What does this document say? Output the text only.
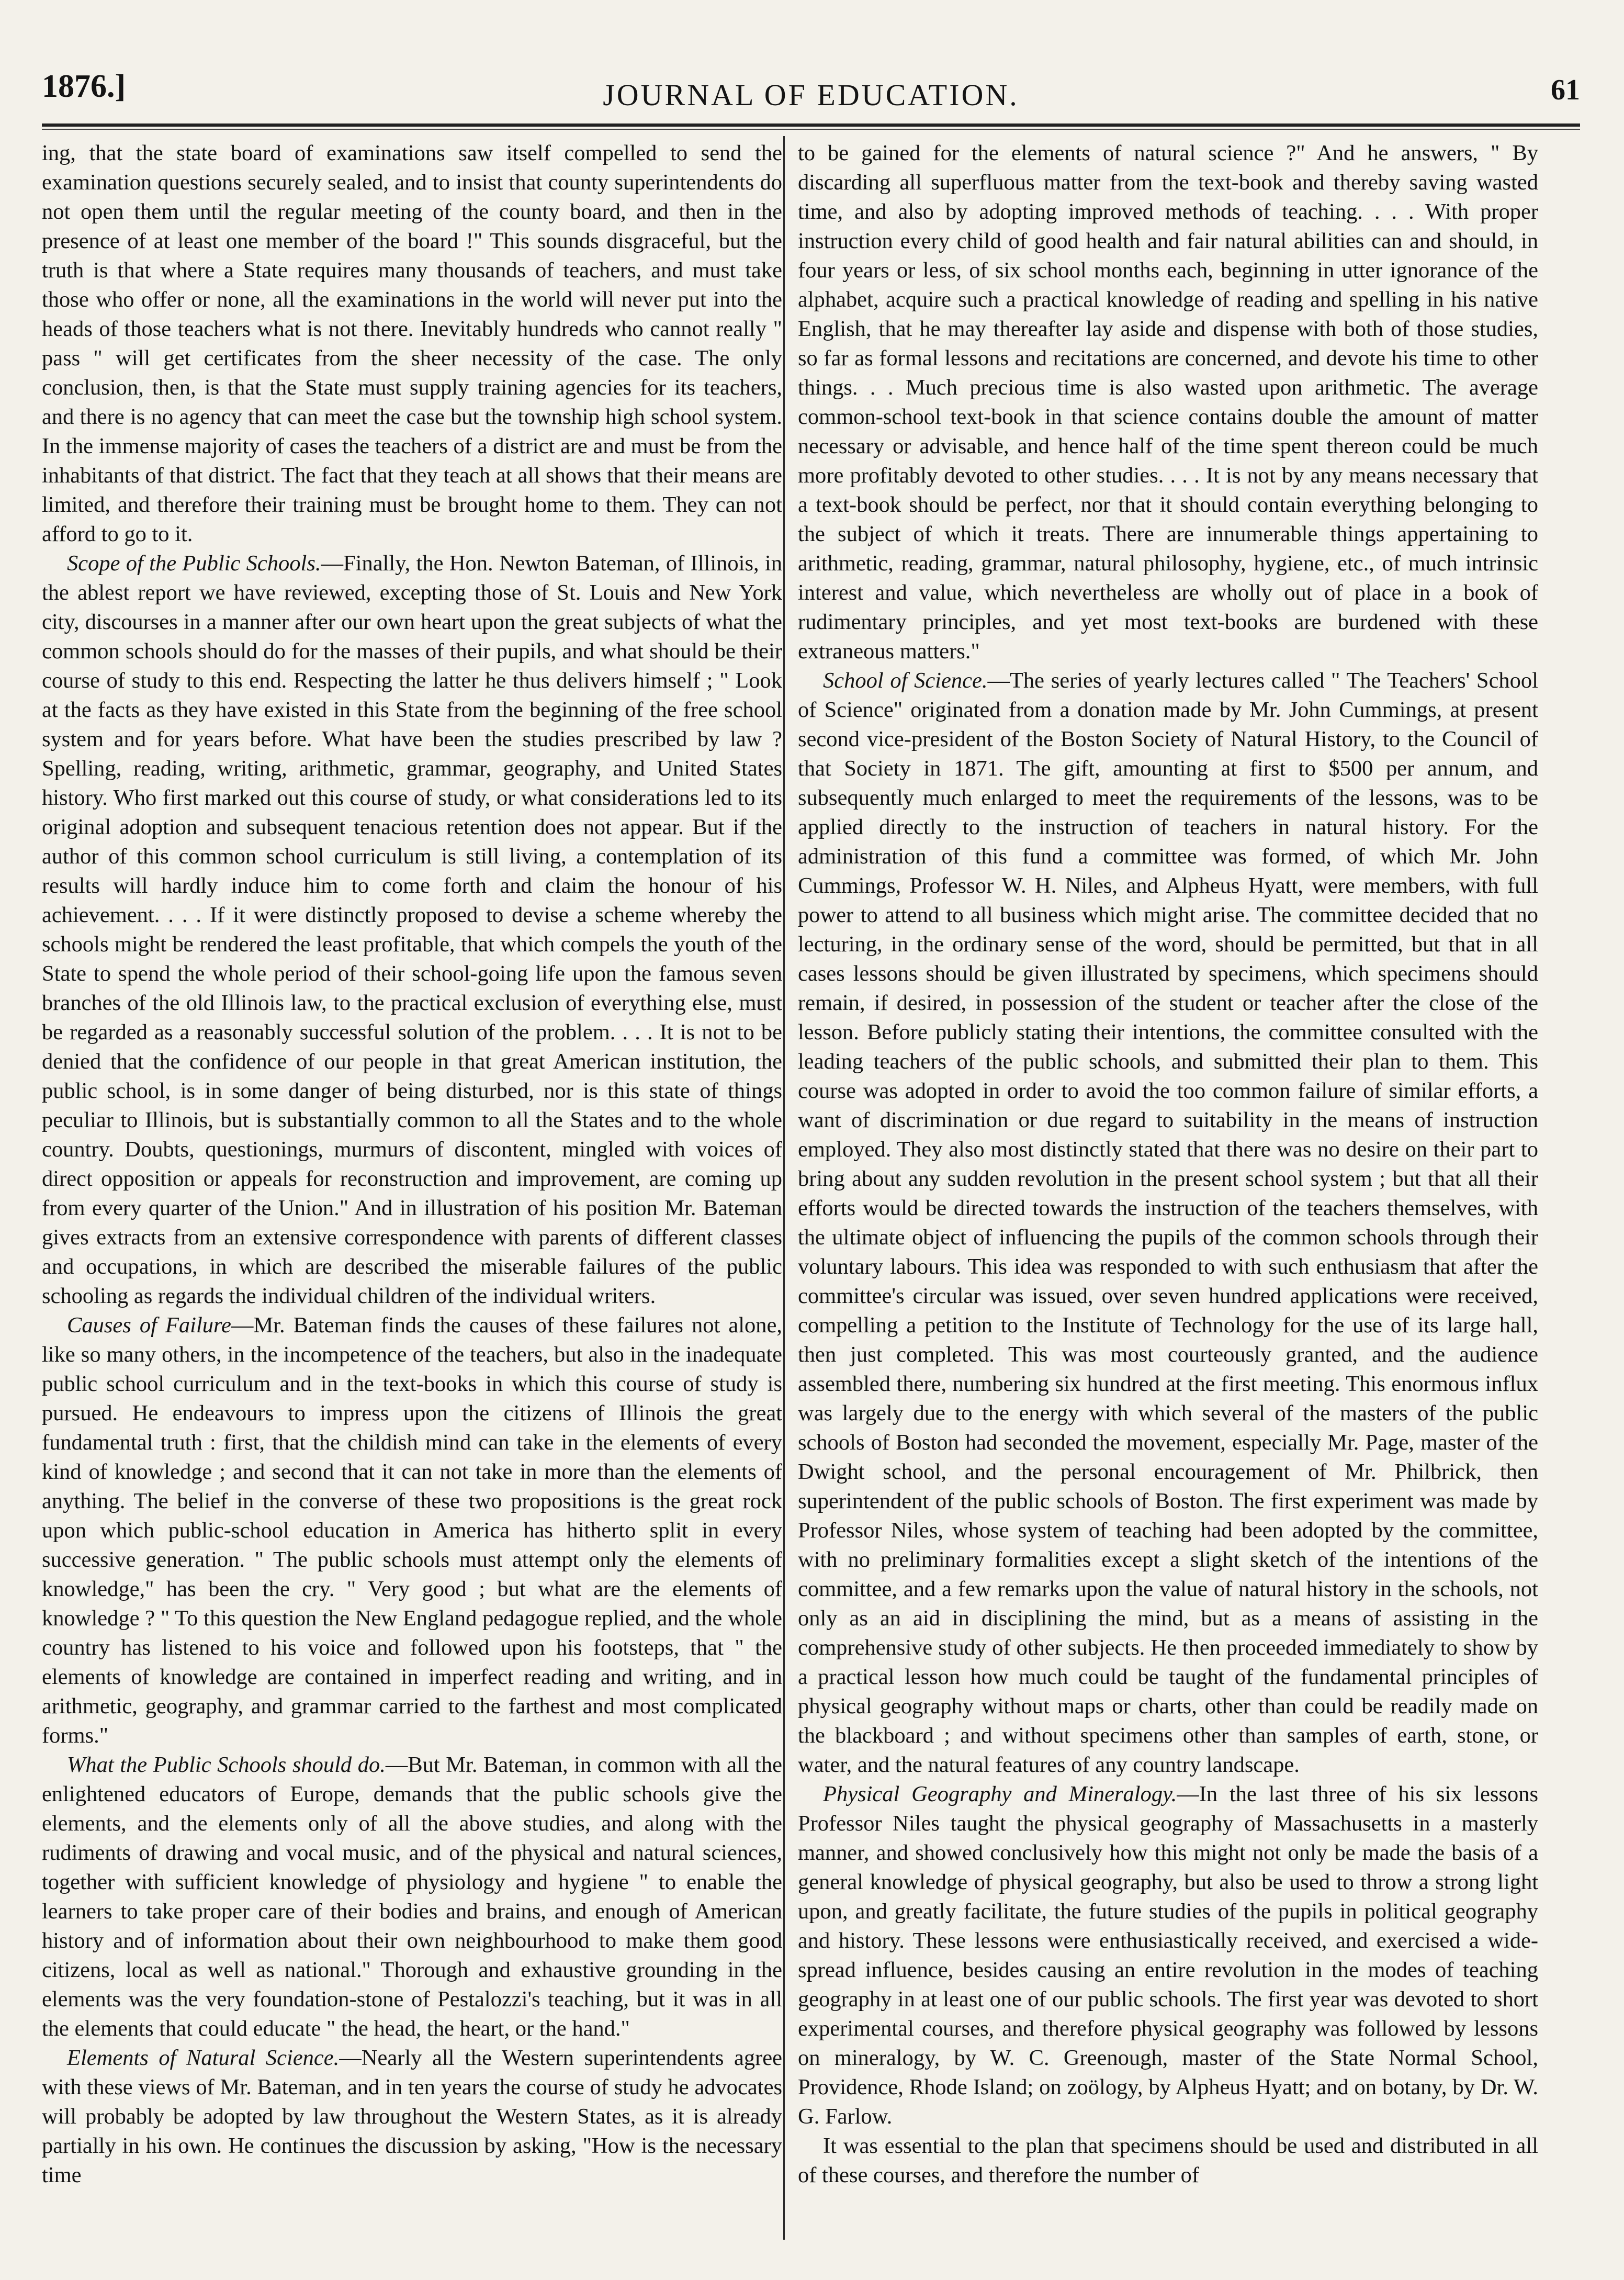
1876.]	JOURNAL OF EDUCATION.	61

ing, that the state board of examinations saw itself compelled to send the examination questions securely sealed, and to insist that county superintendents do not open them until the regular meeting of the county board, and then in the presence of at least one member of the board !" This sounds disgraceful, but the truth is that where a State requires many thousands of teachers, and must take those who offer or none, all the examinations in the world will never put into the heads of those teachers what is not there. Inevitably hundreds who cannot really " pass " will get certificates from the sheer necessity of the case. The only conclusion, then, is that the State must supply training agencies for its teachers, and there is no agency that can meet the case but the township high school system. In the immense majority of cases the teachers of a district are and must be from the inhabitants of that district. The fact that they teach at all shows that their means are limited, and therefore their training must be brought home to them. They can not afford to go to it.

Scope of the Public Schools.—Finally, the Hon. Newton Bateman, of Illinois, in the ablest report we have reviewed, excepting those of St. Louis and New York city, discourses in a manner after our own heart upon the great subjects of what the common schools should do for the masses of their pupils, and what should be their course of study to this end. Respecting the latter he thus delivers himself ; " Look at the facts as they have existed in this State from the beginning of the free school system and for years before. What have been the studies prescribed by law ? Spelling, reading, writing, arithmetic, grammar, geography, and United States history. Who first marked out this course of study, or what considerations led to its original adoption and subsequent tenacious retention does not appear. But if the author of this common school curriculum is still living, a contemplation of its results will hardly induce him to come forth and claim the honour of his achievement. . . . If it were distinctly proposed to devise a scheme whereby the schools might be rendered the least profitable, that which compels the youth of the State to spend the whole period of their school-going life upon the famous seven branches of the old Illinois law, to the practical exclusion of everything else, must be regarded as a reasonably successful solution of the problem. . . . It is not to be denied that the confidence of our people in that great American institution, the public school, is in some danger of being disturbed, nor is this state of things peculiar to Illinois, but is substantially common to all the States and to the whole country. Doubts, questionings, murmurs of discontent, mingled with voices of direct opposition or appeals for reconstruction and improvement, are coming up from every quarter of the Union." And in illustration of his position Mr. Bateman gives extracts from an extensive correspondence with parents of different classes and occupations, in which are described the miserable failures of the public schooling as regards the individual children of the individual writers.

Causes of Failure—Mr. Bateman finds the causes of these failures not alone, like so many others, in the incompetence of the teachers, but also in the inadequate public school curriculum and in the text-books in which this course of study is pursued. He endeavours to impress upon the citizens of Illinois the great fundamental truth : first, that the childish mind can take in the elements of every kind of knowledge ; and second that it can not take in more than the elements of anything. The belief in the converse of these two propositions is the great rock upon which public-school education in America has hitherto split in every successive generation. " The public schools must attempt only the elements of knowledge," has been the cry. " Very good ; but what are the elements of knowledge ? " To this question the New England pedagogue replied, and the whole country has listened to his voice and followed upon his footsteps, that " the elements of knowledge are contained in imperfect reading and writing, and in arithmetic, geography, and grammar carried to the farthest and most complicated forms."

What the Public Schools should do.—But Mr. Bateman, in common with all the enlightened educators of Europe, demands that the public schools give the elements, and the elements only of all the above studies, and along with the rudiments of drawing and vocal music, and of the physical and natural sciences, together with sufficient knowledge of physiology and hygiene " to enable the learners to take proper care of their bodies and brains, and enough of American history and of information about their own neighbourhood to make them good citizens, local as well as national." Thorough and exhaustive grounding in the elements was the very foundation-stone of Pestalozzi's teaching, but it was in all the elements that could educate " the head, the heart, or the hand."

Elements of Natural Science.—Nearly all the Western superintendents agree with these views of Mr. Bateman, and in ten years the course of study he advocates will probably be adopted by law throughout the Western States, as it is already partially in his own. He continues the discussion by asking, "How is the necessary time

to be gained for the elements of natural science ?" And he answers, " By discarding all superfluous matter from the text-book and thereby saving wasted time, and also by adopting improved methods of teaching. . . . With proper instruction every child of good health and fair natural abilities can and should, in four years or less, of six school months each, beginning in utter ignorance of the alphabet, acquire such a practical knowledge of reading and spelling in his native English, that he may thereafter lay aside and dispense with both of those studies, so far as formal lessons and recitations are concerned, and devote his time to other things. . . Much precious time is also wasted upon arithmetic. The average common-school text-book in that science contains double the amount of matter necessary or advisable, and hence half of the time spent thereon could be much more profitably devoted to other studies. . . . It is not by any means necessary that a text-book should be perfect, nor that it should contain everything belonging to the subject of which it treats. There are innumerable things appertaining to arithmetic, reading, grammar, natural philosophy, hygiene, etc., of much intrinsic interest and value, which nevertheless are wholly out of place in a book of rudimentary principles, and yet most text-books are burdened with these extraneous matters."

School of Science.—The series of yearly lectures called " The Teachers' School of Science" originated from a donation made by Mr. John Cummings, at present second vice-president of the Boston Society of Natural History, to the Council of that Society in 1871. The gift, amounting at first to $500 per annum, and subsequently much enlarged to meet the requirements of the lessons, was to be applied directly to the instruction of teachers in natural history. For the administration of this fund a committee was formed, of which Mr. John Cummings, Professor W. H. Niles, and Alpheus Hyatt, were members, with full power to attend to all business which might arise. The committee decided that no lecturing, in the ordinary sense of the word, should be permitted, but that in all cases lessons should be given illustrated by specimens, which specimens should remain, if desired, in possession of the student or teacher after the close of the lesson. Before publicly stating their intentions, the committee consulted with the leading teachers of the public schools, and submitted their plan to them. This course was adopted in order to avoid the too common failure of similar efforts, a want of discrimination or due regard to suitability in the means of instruction employed. They also most distinctly stated that there was no desire on their part to bring about any sudden revolution in the present school system ; but that all their efforts would be directed towards the instruction of the teachers themselves, with the ultimate object of influencing the pupils of the common schools through their voluntary labours. This idea was responded to with such enthusiasm that after the committee's circular was issued, over seven hundred applications were received, compelling a petition to the Institute of Technology for the use of its large hall, then just completed. This was most courteously granted, and the audience assembled there, numbering six hundred at the first meeting. This enormous influx was largely due to the energy with which several of the masters of the public schools of Boston had seconded the movement, especially Mr. Page, master of the Dwight school, and the personal encouragement of Mr. Philbrick, then superintendent of the public schools of Boston. The first experiment was made by Professor Niles, whose system of teaching had been adopted by the committee, with no preliminary formalities except a slight sketch of the intentions of the committee, and a few remarks upon the value of natural history in the schools, not only as an aid in disciplining the mind, but as a means of assisting in the comprehensive study of other subjects. He then proceeded immediately to show by a practical lesson how much could be taught of the fundamental principles of physical geography without maps or charts, other than could be readily made on the blackboard ; and without specimens other than samples of earth, stone, or water, and the natural features of any country landscape.

Physical Geography and Mineralogy.—In the last three of his six lessons Professor Niles taught the physical geography of Massachusetts in a masterly manner, and showed conclusively how this might not only be made the basis of a general knowledge of physical geography, but also be used to throw a strong light upon, and greatly facilitate, the future studies of the pupils in political geography and history. These lessons were enthusiastically received, and exercised a wide-spread influence, besides causing an entire revolution in the modes of teaching geography in at least one of our public schools. The first year was devoted to short experimental courses, and therefore physical geography was followed by lessons on mineralogy, by W. C. Greenough, master of the State Normal School, Providence, Rhode Island; on zoölogy, by Alpheus Hyatt; and on botany, by Dr. W. G. Farlow.

It was essential to the plan that specimens should be used and distributed in all of these courses, and therefore the number of
